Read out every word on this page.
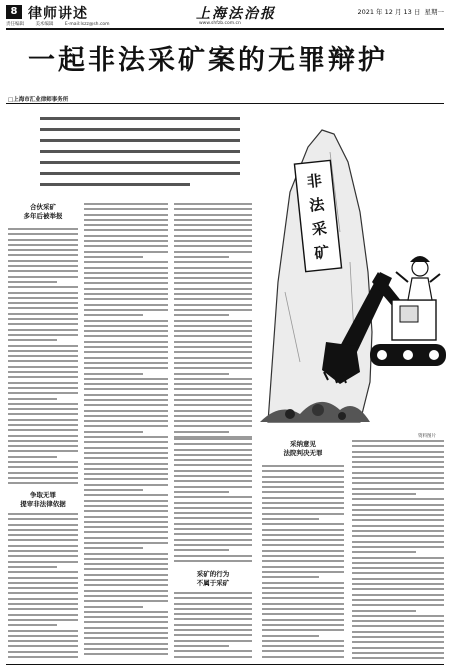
8 律师讲述	上海法治报	2021 年 12 月 13 日 星期一
责任编辑	美术编辑	E-mail:lszz@sh.com	www.shfzb.com.cn
一起非法采矿案的无罪辩护
□上海市汇业律师事务所
合伙采矿
多年后被举报
争取无罪
提审非法律依据
采矿的行为
不属于采矿
采纳意见
法院判决无罪
非
法
采
矿
资料图片
